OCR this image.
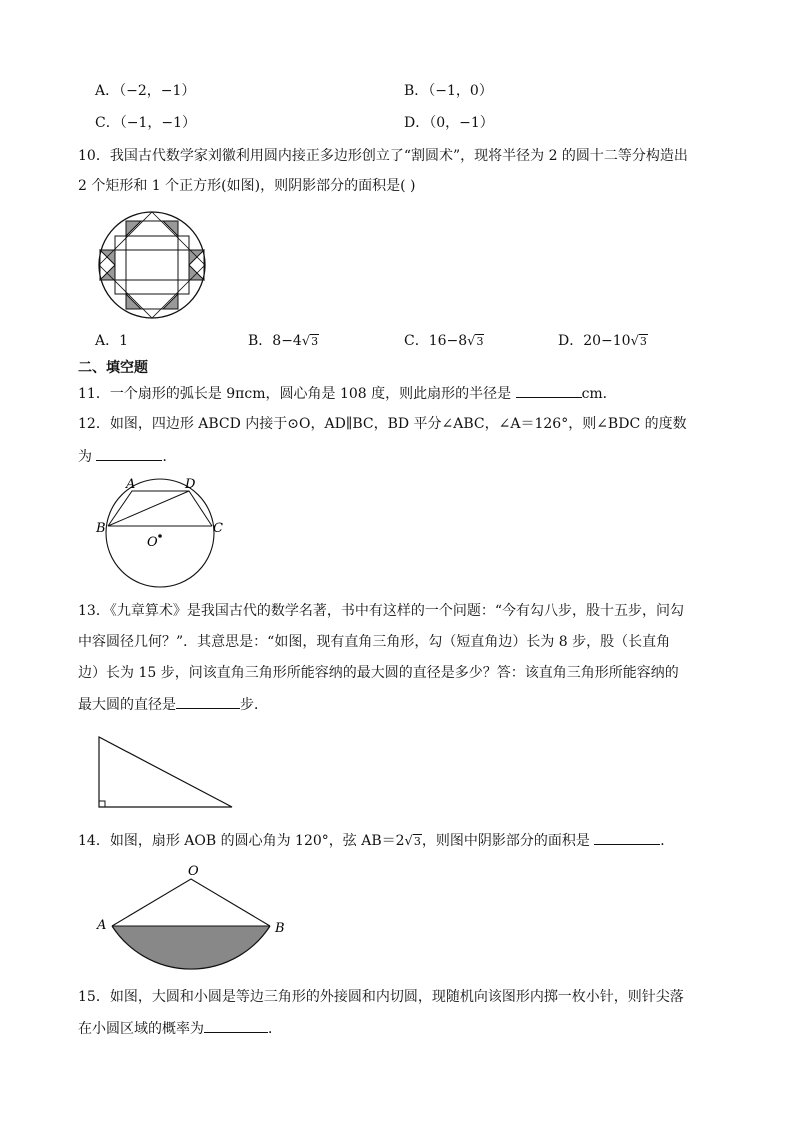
A．（−2，−1）	B．（−1，0）
C．（−1，−1）	D．（0，−1）
10．我国古代数学家刘徽利用圆内接正多边形创立了“割圆术”，现将半径为 2 的圆十二等分构造出
2 个矩形和 1 个正方形(如图)，则阴影部分的面积是( )
A．1	B．8−4√3	C．16−8√3	D．20−10√3
二、填空题
11．一个扇形的弧长是 9πcm，圆心角是 108 度，则此扇形的半径是	cm．
12．如图，四边形 ABCD 内接于⊙O，AD∥BC，BD 平分∠ABC，∠A＝126°，则∠BDC 的度数
为	．
A	D
B	C
O
13．《九章算术》是我国古代的数学名著，书中有这样的一个问题：“今有勾八步，股十五步，问勾
中容圆径几何？”．其意思是：“如图，现有直角三角形，勾（短直角边）长为 8 步，股（长直角
边）长为 15 步，问该直角三角形所能容纳的最大圆的直径是多少？答：该直角三角形所能容纳的
最大圆的直径是	步．
14．如图，扇形 AOB 的圆心角为 120°，弦 AB＝2√3，则图中阴影部分的面积是	．
O
A	B
15．如图，大圆和小圆是等边三角形的外接圆和内切圆，现随机向该图形内掷一枚小针，则针尖落
在小圆区域的概率为	．
